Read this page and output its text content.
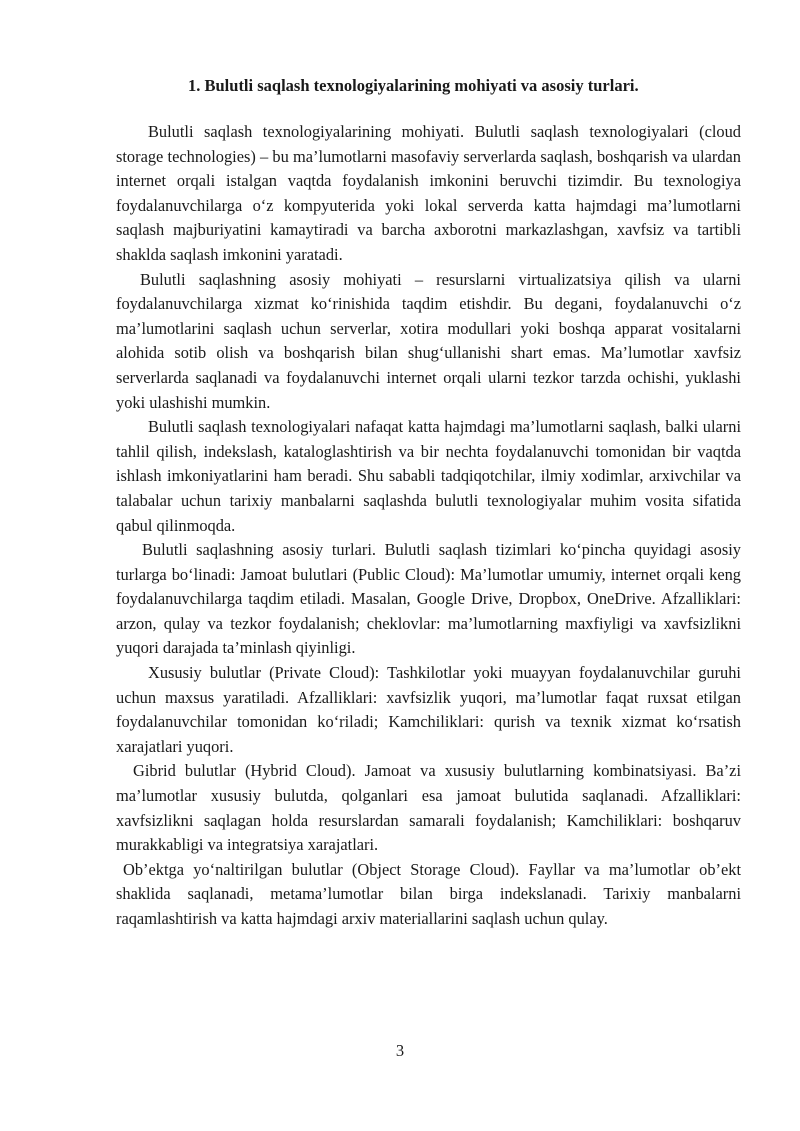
1. Bulutli saqlash texnologiyalarining mohiyati va asosiy turlari.

Bulutli saqlash texnologiyalarining mohiyati. Bulutli saqlash texnologiyalari (cloud storage technologies) – bu ma’lumotlarni masofaviy serverlarda saqlash, boshqarish va ulardan internet orqali istalgan vaqtda foydalanish imkonini beruvchi tizimdir. Bu texnologiya foydalanuvchilarga o‘z kompyuterida yoki lokal serverda katta hajmdagi ma’lumotlarni saqlash majburiyatini kamaytiradi va barcha axborotni markazlashgan, xavfsiz va tartibli shaklda saqlash imkonini yaratadi.

Bulutli saqlashning asosiy mohiyati – resurslarni virtualizatsiya qilish va ularni foydalanuvchilarga xizmat ko‘rinishida taqdim etishdir. Bu degani, foydalanuvchi o‘z ma’lumotlarini saqlash uchun serverlar, xotira modullari yoki boshqa apparat vositalarni alohida sotib olish va boshqarish bilan shug‘ullanishi shart emas. Ma’lumotlar xavfsiz serverlarda saqlanadi va foydalanuvchi internet orqali ularni tezkor tarzda ochishi, yuklashi yoki ulashishi mumkin.

Bulutli saqlash texnologiyalari nafaqat katta hajmdagi ma’lumotlarni saqlash, balki ularni tahlil qilish, indekslash, kataloglashtirish va bir nechta foydalanuvchi tomonidan bir vaqtda ishlash imkoniyatlarini ham beradi. Shu sababli tadqiqotchilar, ilmiy xodimlar, arxivchilar va talabalar uchun tarixiy manbalarni saqlashda bulutli texnologiyalar muhim vosita sifatida qabul qilinmoqda.

Bulutli saqlashning asosiy turlari. Bulutli saqlash tizimlari ko‘pincha quyidagi asosiy turlarga bo‘linadi: Jamoat bulutlari (Public Cloud): Ma’lumotlar umumiy, internet orqali keng foydalanuvchilarga taqdim etiladi. Masalan, Google Drive, Dropbox, OneDrive. Afzalliklari: arzon, qulay va tezkor foydalanish; cheklovlar: ma’lumotlarning maxfiyligi va xavfsizlikni yuqori darajada ta’minlash qiyinligi.

Xususiy bulutlar (Private Cloud): Tashkilotlar yoki muayyan foydalanuvchilar guruhi uchun maxsus yaratiladi. Afzalliklari: xavfsizlik yuqori, ma’lumotlar faqat ruxsat etilgan foydalanuvchilar tomonidan ko‘riladi; Kamchiliklari: qurish va texnik xizmat ko‘rsatish xarajatlari yuqori.

Gibrid bulutlar (Hybrid Cloud). Jamoat va xususiy bulutlarning kombinatsiyasi. Ba’zi ma’lumotlar xususiy bulutda, qolganlari esa jamoat bulutida saqlanadi. Afzalliklari: xavfsizlikni saqlagan holda resurslardan samarali foydalanish; Kamchiliklari: boshqaruv murakkabligi va integratsiya xarajatlari.

Ob’ektga yo‘naltirilgan bulutlar (Object Storage Cloud). Fayllar va ma’lumotlar ob’ekt shaklida saqlanadi, metama’lumotlar bilan birga indekslanadi. Tarixiy manbalarni raqamlashtirish va katta hajmdagi arxiv materiallarini saqlash uchun qulay.

3
